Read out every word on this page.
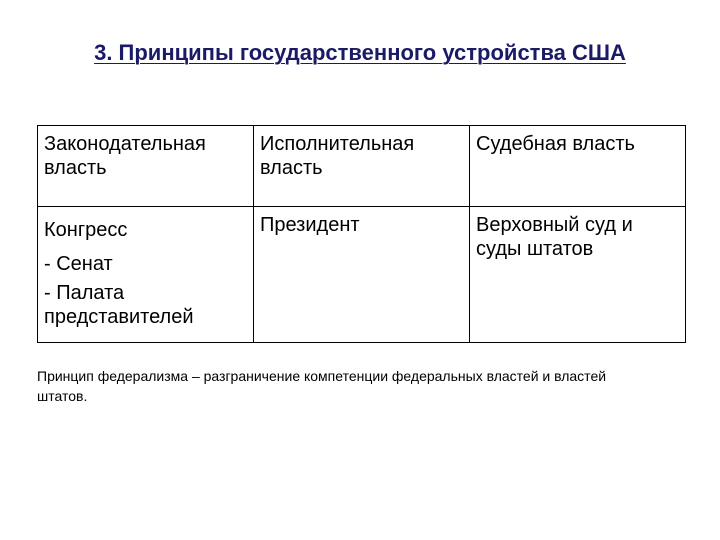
3. Принципы государственного устройства США
Законодательная власть	Исполнительная власть	Судебная власть

Конгресс
- Сенат
- Палата
представителей	Президент	Верховный суд и суды штатов

Принцип федерализма – разграничение компетенции федеральных властей и властей штатов.
